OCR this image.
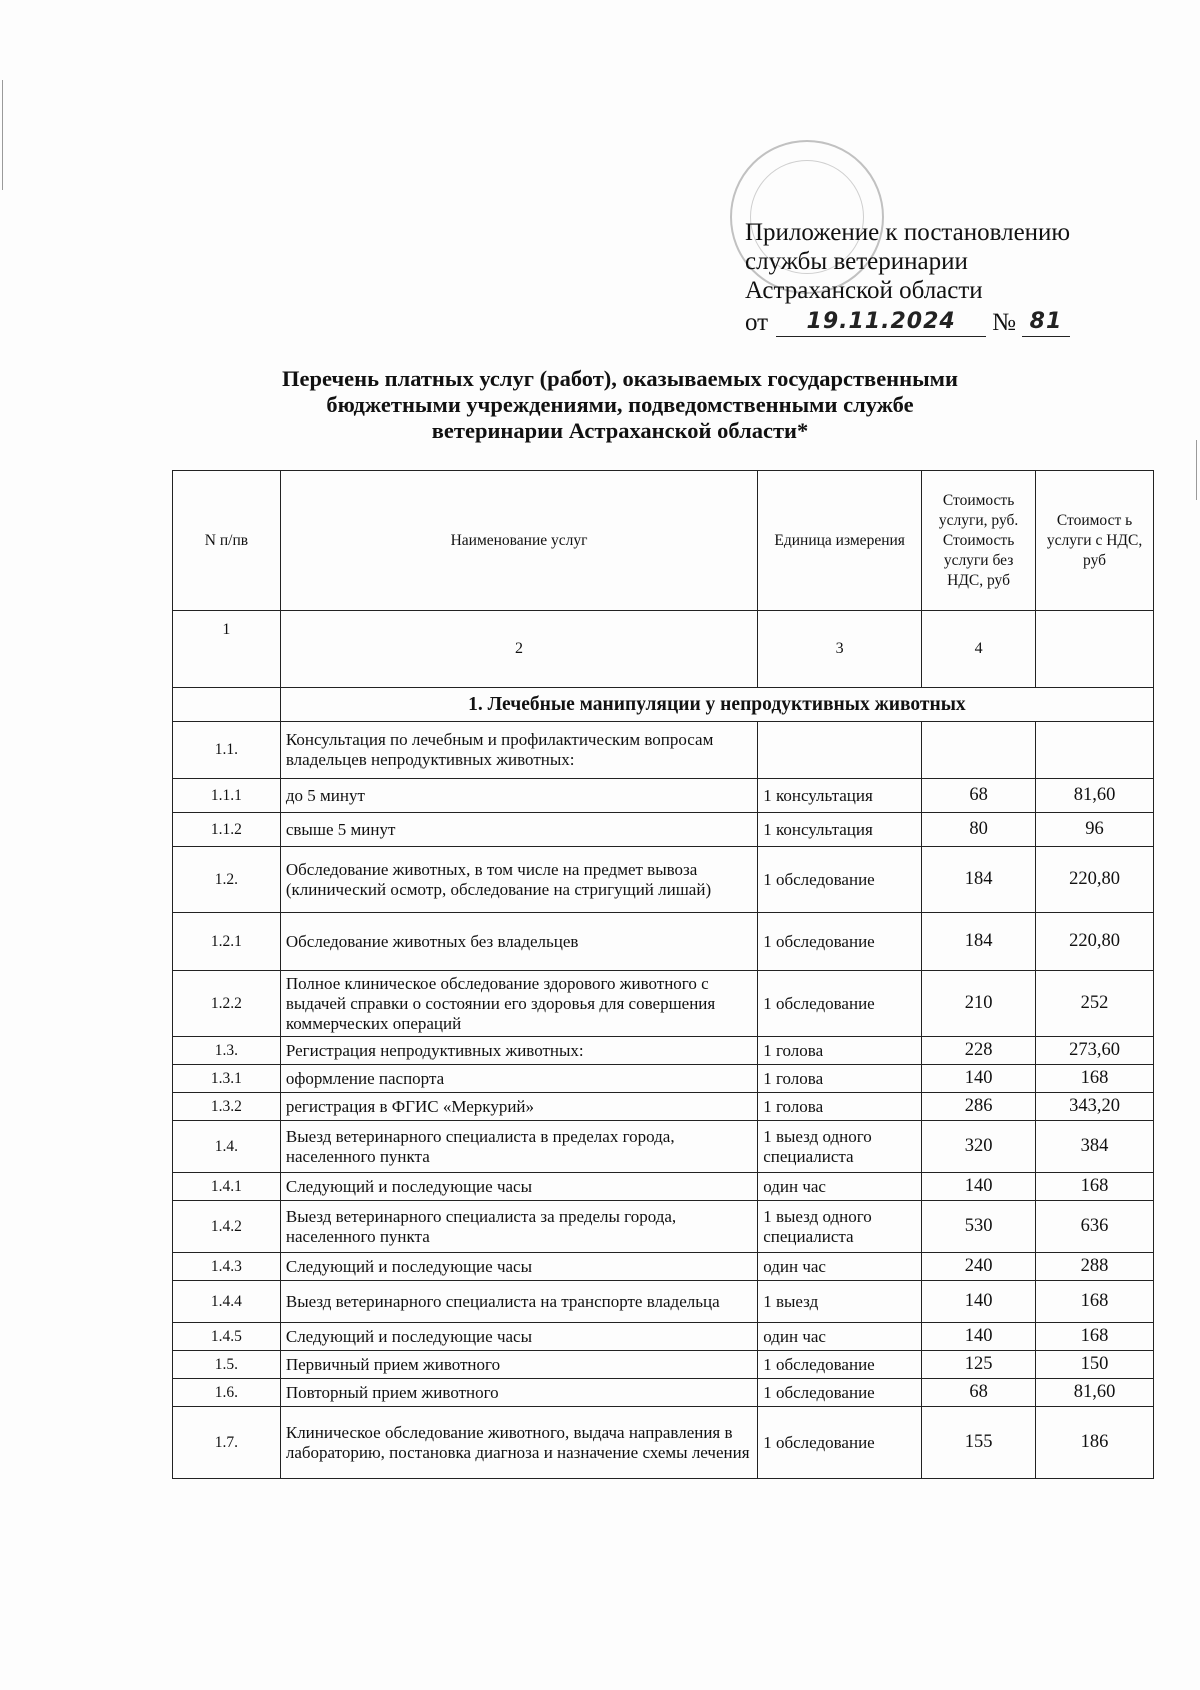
Приложение к постановлению
службы ветеринарии
Астраханской области
от	19.11.2024	№ 81
Перечень платных услуг (работ), оказываемых государственными
бюджетными учреждениями, подведомственными службе
ветеринарии Астраханской области*
N п/пв	Наименование услуг	Единица измерения	Стоимость услуги, руб. Стоимость услуги без НДС, руб	Стоимост ь услуги с НДС, руб
1	2	3	4	
	1. Лечебные манипуляции у непродуктивных животных			
1.1.	Консультация по лечебным и профилактическим вопросам владельцев непродуктивных животных:			
1.1.1	до 5 минут	1 консультация	68	81,60
1.1.2	свыше 5 минут	1 консультация	80	96
1.2.	Обследование животных, в том числе на предмет вывоза (клинический осмотр, обследование на стригущий лишай)	1 обследование	184	220,80
1.2.1	Обследование животных без владельцев	1 обследование	184	220,80
1.2.2	Полное клиническое обследование здорового животного с выдачей справки о состоянии его здоровья для совершения коммерческих операций	1 обследование	210	252
1.3.	Регистрация непродуктивных животных:	1 голова	228	273,60
1.3.1	оформление паспорта	1 голова	140	168
1.3.2	регистрация в ФГИС «Меркурий»	1 голова	286	343,20
1.4.	Выезд ветеринарного специалиста в пределах города, населенного пункта	1 выезд одного специалиста	320	384
1.4.1	Следующий и последующие часы	один час	140	168
1.4.2	Выезд ветеринарного специалиста за пределы города, населенного пункта	1 выезд одного специалиста	530	636
1.4.3	Следующий и последующие часы	один час	240	288
1.4.4	Выезд ветеринарного специалиста на транспорте владельца	1 выезд	140	168
1.4.5	Следующий и последующие часы	один час	140	168
1.5.	Первичный прием животного	1 обследование	125	150
1.6.	Повторный прием животного	1 обследование	68	81,60
1.7.	Клиническое обследование животного, выдача направления в лабораторию, постановка диагноза и назначение схемы лечения	1 обследование	155	186
